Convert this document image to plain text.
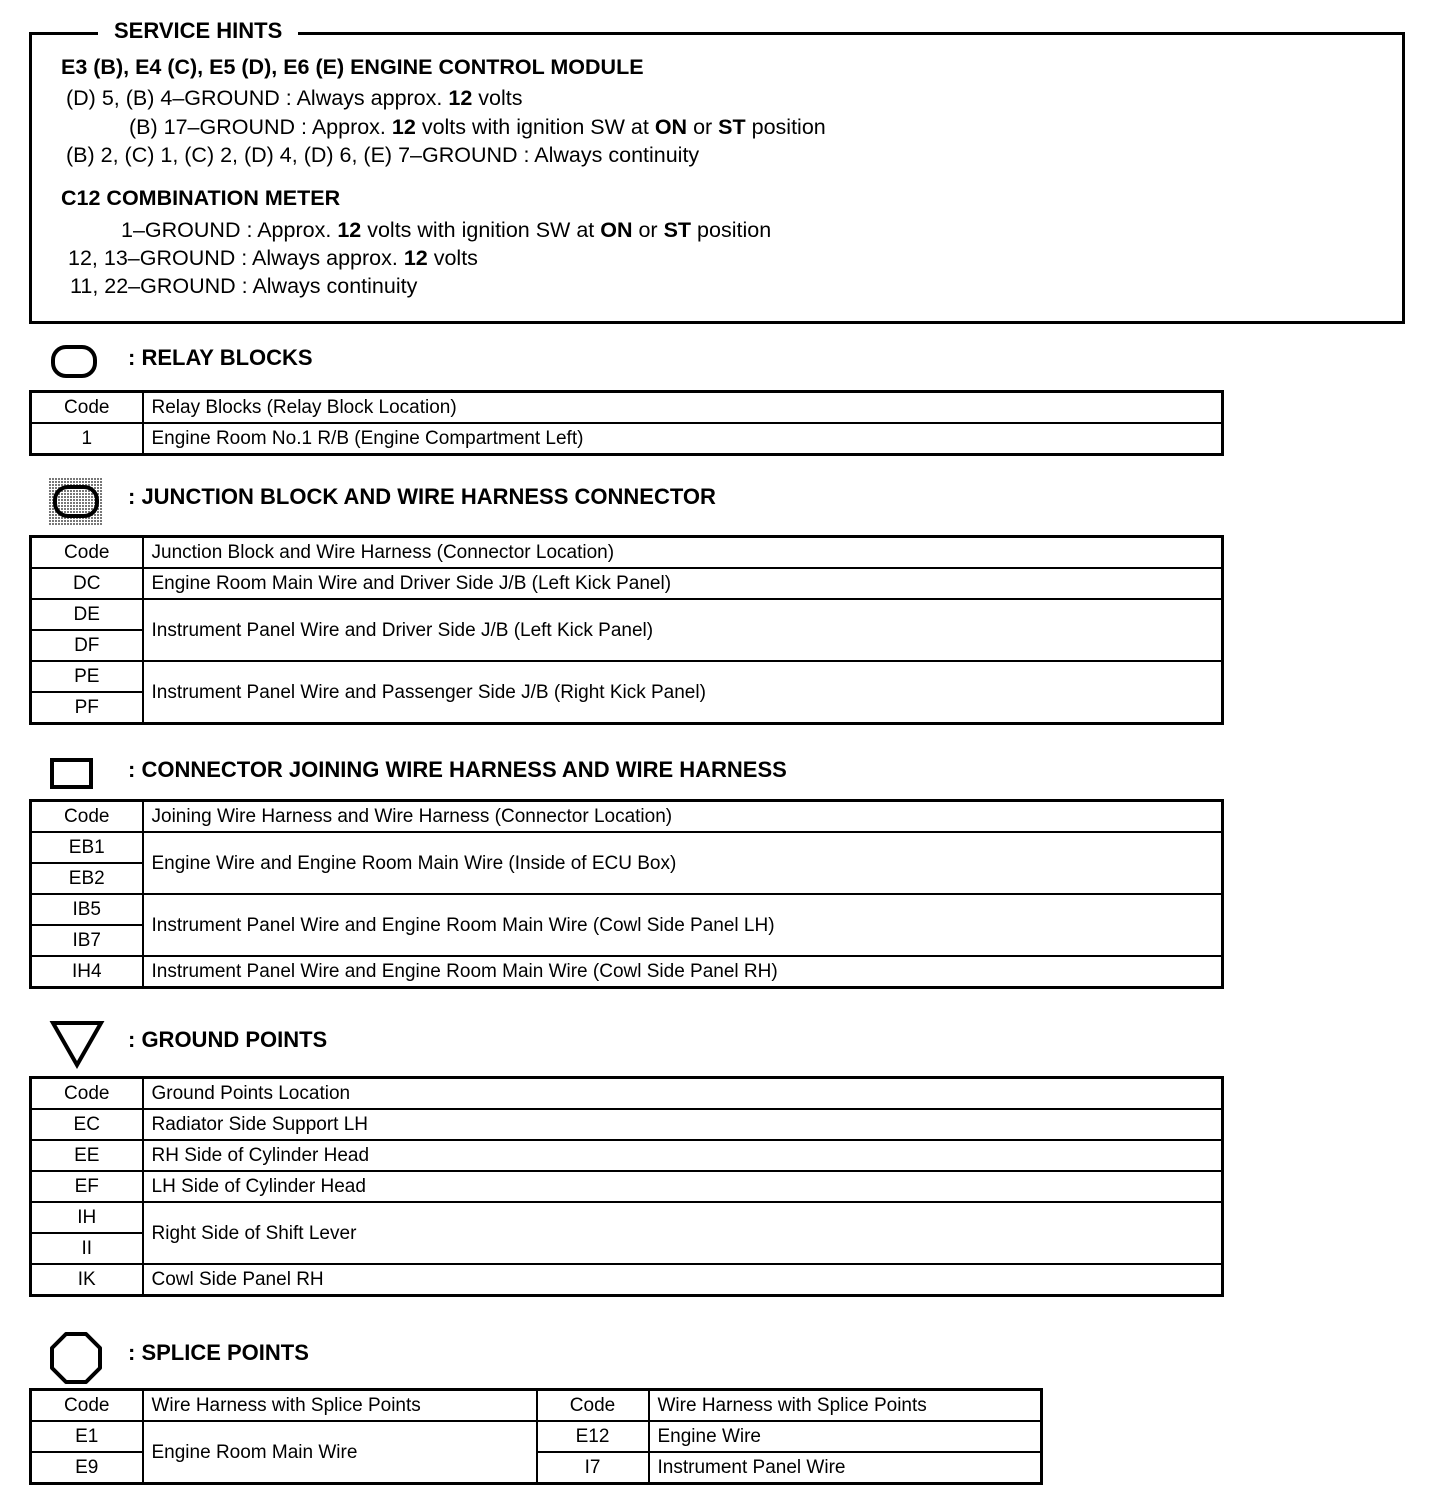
SERVICE HINTS
E3 (B), E4 (C), E5 (D), E6 (E) ENGINE CONTROL MODULE
(D) 5, (B) 4–GROUND : Always approx. 12 volts
(B) 17–GROUND : Approx. 12 volts with ignition SW at ON or ST position
(B) 2, (C) 1, (C) 2, (D) 4, (D) 6, (E) 7–GROUND : Always continuity
C12 COMBINATION METER
1–GROUND : Approx. 12 volts with ignition SW at ON or ST position
12, 13–GROUND : Always approx. 12 volts
11, 22–GROUND : Always continuity
: RELAY BLOCKS
Code	Relay Blocks (Relay Block Location)
1	Engine Room No.1 R/B (Engine Compartment Left)
: JUNCTION BLOCK AND WIRE HARNESS CONNECTOR
Code	Junction Block and Wire Harness (Connector Location)
DC	Engine Room Main Wire and Driver Side J/B (Left Kick Panel)
DE	Instrument Panel Wire and Driver Side J/B (Left Kick Panel)
DF	
PE	Instrument Panel Wire and Passenger Side J/B (Right Kick Panel)
PF	
: CONNECTOR JOINING WIRE HARNESS AND WIRE HARNESS
Code	Joining Wire Harness and Wire Harness (Connector Location)
EB1	Engine Wire and Engine Room Main Wire (Inside of ECU Box)
EB2	
IB5	Instrument Panel Wire and Engine Room Main Wire (Cowl Side Panel LH)
IB7	
IH4	Instrument Panel Wire and Engine Room Main Wire (Cowl Side Panel RH)
: GROUND POINTS
Code	Ground Points Location
EC	Radiator Side Support LH
EE	RH Side of Cylinder Head
EF	LH Side of Cylinder Head
IH	Right Side of Shift Lever
II	
IK	Cowl Side Panel RH
: SPLICE POINTS
Code	Wire Harness with Splice Points	Code	Wire Harness with Splice Points
E1	Engine Room Main Wire	E12	Engine Wire
E9		I7	Instrument Panel Wire
